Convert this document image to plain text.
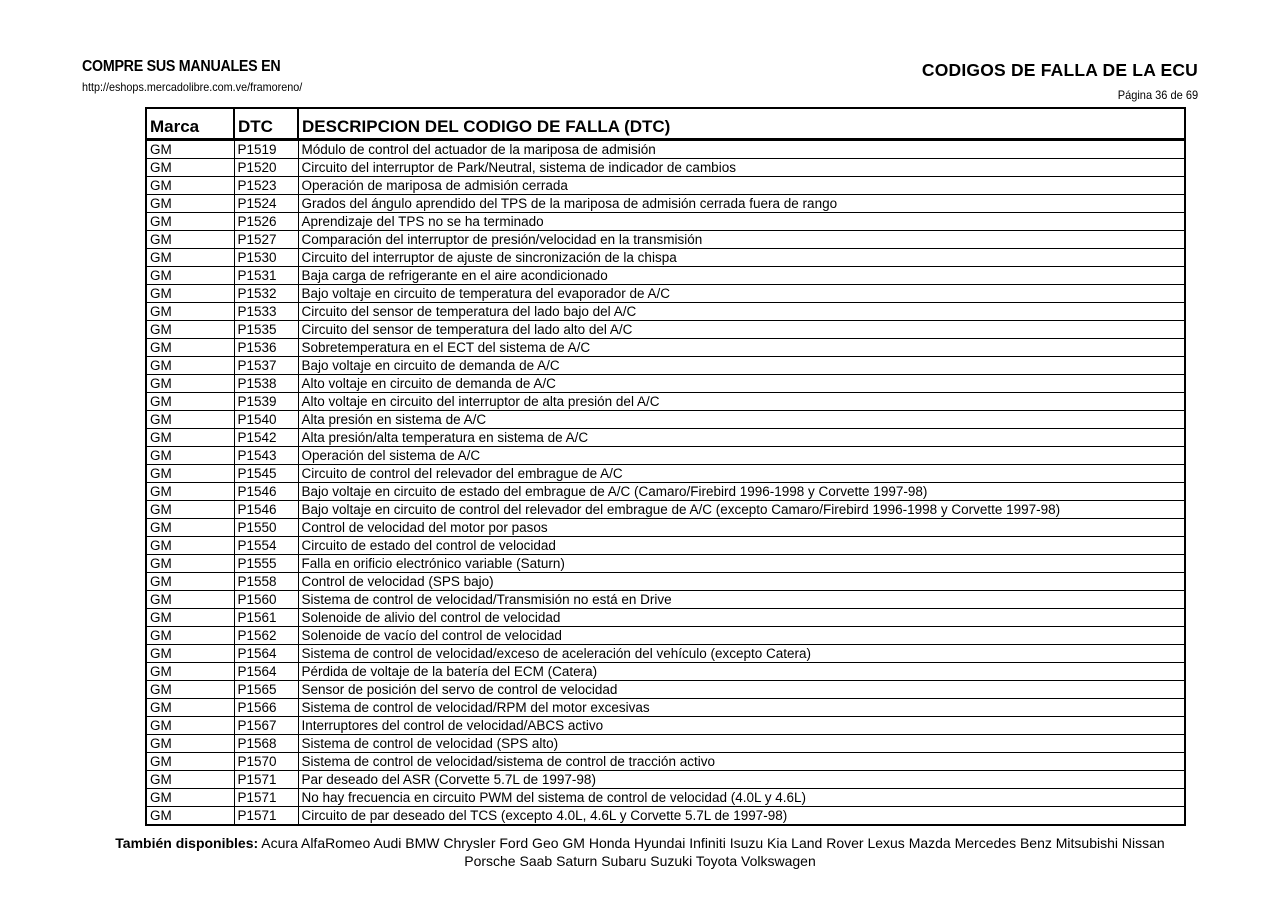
COMPRE SUS MANUALES EN
http://eshops.mercadolibre.com.ve/framoreno/
CODIGOS DE FALLA DE LA ECU
Página 36 de 69
Marca	DTC	DESCRIPCION DEL CODIGO DE FALLA (DTC)
GM	P1519	Módulo de control del actuador de la mariposa de admisión
GM	P1520	Circuito del interruptor de Park/Neutral, sistema de indicador de cambios
GM	P1523	Operación de mariposa de admisión cerrada
GM	P1524	Grados del ángulo aprendido del TPS de la mariposa de admisión cerrada fuera de rango
GM	P1526	Aprendizaje del TPS no se ha terminado
GM	P1527	Comparación del interruptor de presión/velocidad en la transmisión
GM	P1530	Circuito del interruptor de ajuste de sincronización de la chispa
GM	P1531	Baja carga de refrigerante en el aire acondicionado
GM	P1532	Bajo voltaje en circuito de temperatura del evaporador de A/C
GM	P1533	Circuito del sensor de temperatura del lado bajo del A/C
GM	P1535	Circuito del sensor de temperatura del lado alto del A/C
GM	P1536	Sobretemperatura en el ECT del sistema de A/C
GM	P1537	Bajo voltaje en circuito de demanda de A/C
GM	P1538	Alto voltaje en circuito de demanda de A/C
GM	P1539	Alto voltaje en circuito del interruptor de alta presión del A/C
GM	P1540	Alta presión en sistema de A/C
GM	P1542	Alta presión/alta temperatura en sistema de A/C
GM	P1543	Operación del sistema de A/C
GM	P1545	Circuito de control del relevador del embrague de A/C
GM	P1546	Bajo voltaje en circuito de estado del embrague de A/C (Camaro/Firebird 1996-1998 y Corvette 1997-98)
GM	P1546	Bajo voltaje en circuito de control del relevador del embrague de A/C (excepto Camaro/Firebird 1996-1998 y Corvette 1997-98)
GM	P1550	Control de velocidad del motor por pasos
GM	P1554	Circuito de estado del control de velocidad
GM	P1555	Falla en orificio electrónico variable (Saturn)
GM	P1558	Control de velocidad (SPS bajo)
GM	P1560	Sistema de control de velocidad/Transmisión no está en Drive
GM	P1561	Solenoide de alivio del control de velocidad
GM	P1562	Solenoide de vacío del control de velocidad
GM	P1564	Sistema de control de velocidad/exceso de aceleración del vehículo (excepto Catera)
GM	P1564	Pérdida de voltaje de la batería del ECM (Catera)
GM	P1565	Sensor de posición del servo de control de velocidad
GM	P1566	Sistema de control de velocidad/RPM del motor excesivas
GM	P1567	Interruptores del control de velocidad/ABCS activo
GM	P1568	Sistema de control de velocidad (SPS alto)
GM	P1570	Sistema de control de velocidad/sistema de control de tracción activo
GM	P1571	Par deseado del ASR (Corvette 5.7L de 1997-98)
GM	P1571	No hay frecuencia en circuito PWM del sistema de control de velocidad (4.0L y 4.6L)
GM	P1571	Circuito de par deseado del TCS (excepto 4.0L, 4.6L y Corvette 5.7L de 1997-98)
También disponibles: Acura AlfaRomeo Audi BMW Chrysler Ford Geo GM Honda Hyundai Infiniti Isuzu Kia Land Rover Lexus Mazda Mercedes Benz Mitsubishi Nissan
Porsche Saab Saturn Subaru Suzuki Toyota Volkswagen
